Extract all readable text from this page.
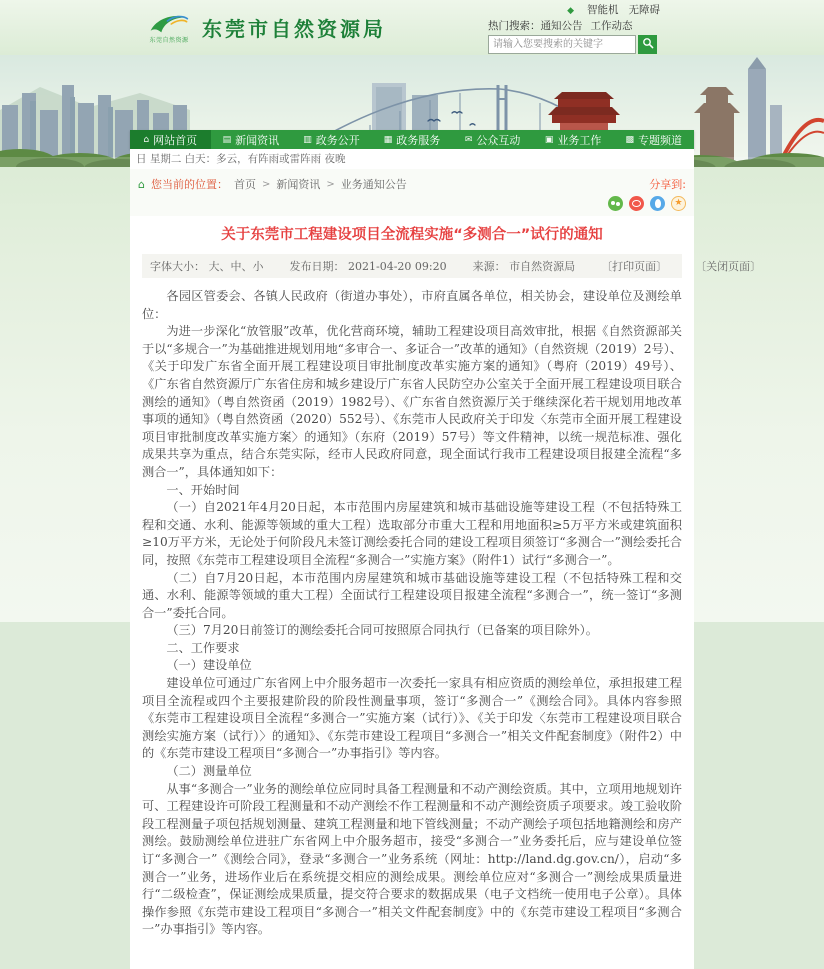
东莞自然资源 东莞市自然资源局
◆ 智能机 无障碍
热门搜索：通知公告 工作动态
请输入您要搜索的关键字
⌂ 网站首页	▤ 新闻资讯	▥ 政务公开	▦ 政务服务	✉ 公众互动	▣ 业务工作	▩ 专题频道
日 星期二 白天：多云，有阵雨或雷阵雨 夜晚
⌂ 您当前的位置： 首页 > 新闻资讯 > 业务通知公告	分享到:
★
关于东莞市工程建设项目全流程实施“多测合一”试行的通知
字体大小： 大、中、小 发布日期： 2021-04-20 09:20 来源： 市自然资源局 〔打印页面〕	〔关闭页面〕

各园区管委会、各镇人民政府（街道办事处），市府直属各单位，相关协会，建设单位及测绘单位：

为进一步深化“放管服”改革，优化营商环境，辅助工程建设项目高效审批，根据《自然资源部关于以“多规合一”为基础推进规划用地“多审合一、多证合一”改革的通知》（自然资规（2019）2号）、《关于印发广东省全面开展工程建设项目审批制度改革实施方案的通知》（粤府（2019）49号）、《广东省自然资源厅广东省住房和城乡建设厅广东省人民防空办公室关于全面开展工程建设项目联合测绘的通知》（粤自然资函（2019）1982号）、《广东省自然资源厅关于继续深化若干规划用地改革事项的通知》（粤自然资函（2020）552号）、《东莞市人民政府关于印发〈东莞市全面开展工程建设项目审批制度改革实施方案〉的通知》（东府（2019）57号）等文件精神，以统一规范标准、强化成果共享为重点，结合东莞实际，经市人民政府同意，现全面试行我市工程建设项目报建全流程“多测合一”，具体通知如下：

一、开始时间

（一）自2021年4月20日起，本市范围内房屋建筑和城市基础设施等建设工程（不包括特殊工程和交通、水利、能源等领域的重大工程）选取部分市重大工程和用地面积≥5万平方米或建筑面积≥10万平方米，无论处于何阶段凡未签订测绘委托合同的建设工程项目须签订“多测合一”测绘委托合同，按照《东莞市工程建设项目全流程“多测合一”实施方案》（附件1）试行“多测合一”。

（二）自7月20日起，本市范围内房屋建筑和城市基础设施等建设工程（不包括特殊工程和交通、水利、能源等领域的重大工程）全面试行工程建设项目报建全流程“多测合一”，统一签订“多测合一”委托合同。

（三）7月20日前签订的测绘委托合同可按照原合同执行（已备案的项目除外）。

二、工作要求

（一）建设单位

建设单位可通过广东省网上中介服务超市一次委托一家具有相应资质的测绘单位，承担报建工程项目全流程或四个主要报建阶段的阶段性测量事项，签订“多测合一”《测绘合同》。具体内容参照《东莞市工程建设项目全流程“多测合一”实施方案（试行）》、《关于印发〈东莞市工程建设项目联合测绘实施方案（试行）〉的通知》、《东莞市建设工程项目“多测合一”相关文件配套制度》（附件2）中的《东莞市建设工程项目“多测合一”办事指引》等内容。

（二）测量单位

从事“多测合一”业务的测绘单位应同时具备工程测量和不动产测绘资质。其中，立项用地规划许可、工程建设许可阶段工程测量和不动产测绘不作工程测量和不动产测绘资质子项要求。竣工验收阶段工程测量子项包括规划测量、建筑工程测量和地下管线测量；不动产测绘子项包括地籍测绘和房产测绘。鼓励测绘单位进驻广东省网上中介服务超市，接受“多测合一”业务委托后，应与建设单位签订“多测合一”《测绘合同》，登录“多测合一”业务系统（网址：http://land.dg.gov.cn/），启动“多测合一”业务，进场作业后在系统提交相应的测绘成果。测绘单位应对“多测合一”测绘成果质量进行“二级检查”，保证测绘成果质量，提交符合要求的数据成果（电子文档统一使用电子公章）。具体操作参照《东莞市建设工程项目“多测合一”相关文件配套制度》中的《东莞市建设工程项目“多测合一”办事指引》等内容。
